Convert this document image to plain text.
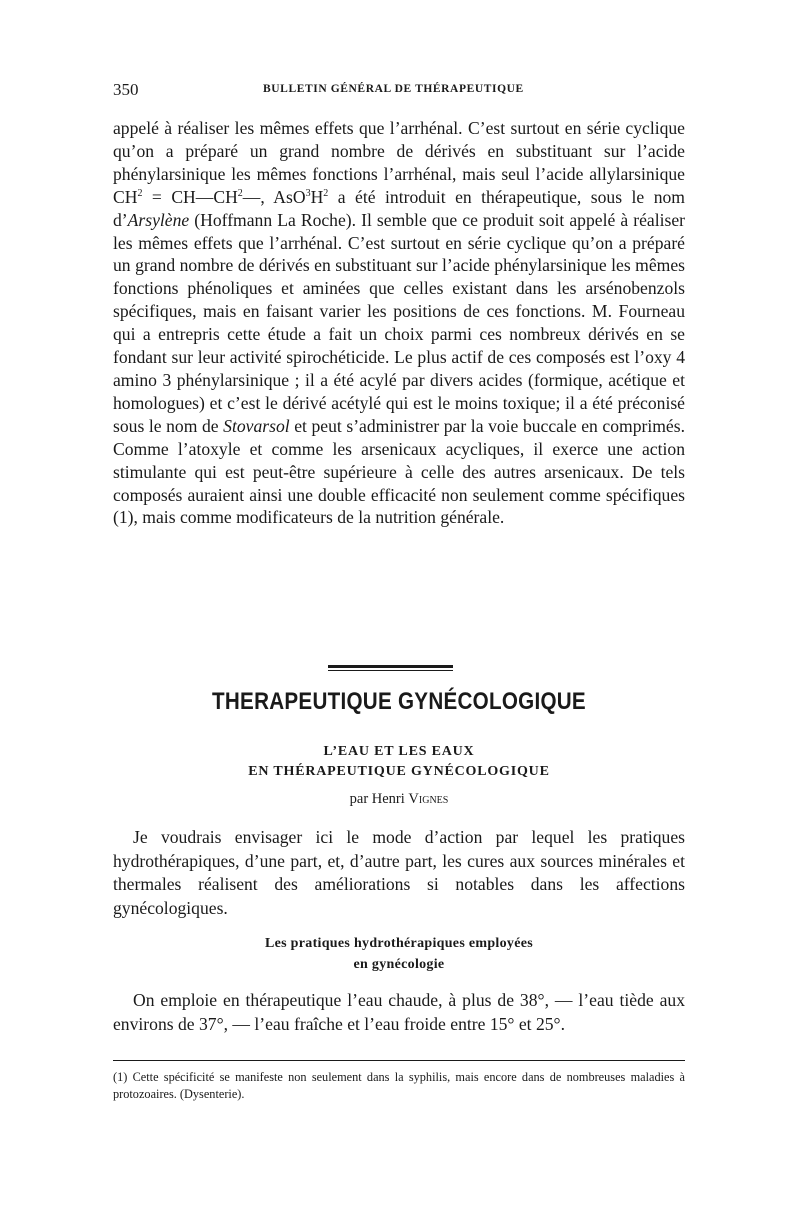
350	BULLETIN GÉNÉRAL DE THÉRAPEUTIQUE

appelé à réaliser les mêmes effets que l’arrhénal. C’est surtout en série cyclique qu’on a préparé un grand nombre de dérivés en substituant sur l’acide phénylarsinique les mêmes fonctions l’arrhénal, mais seul l’acide allylarsinique $CH^2$ = $CH—CH^2—$, $AsO^3H^2$ a été introduit en thérapeutique, sous le nom d’Arsylène (Hoffmann La Roche). Il semble que ce produit soit appelé à réaliser les mêmes effets que l’arrhénal. C’est surtout en série cyclique qu’on a préparé un grand nombre de dérivés en substituant sur l’acide phénylarsinique les mêmes fonctions phénoliques et aminées que celles existant dans les arsénobenzols spécifiques, mais en faisant varier les positions de ces fonctions. M. Fourneau qui a entrepris cette étude a fait un choix parmi ces nombreux dérivés en se fondant sur leur activité spirochéticide. Le plus actif de ces composés est l’oxy 4 amino 3 phénylarsinique ; il a été acylé par divers acides (formique, acétique et homologues) et c’est le dérivé acétylé qui est le moins toxique; il a été préconisé sous le nom de Stovarsol et peut s’administrer par la voie buccale en comprimés. Comme l’atoxyle et comme les arsenicaux acycliques, il exerce une action stimulante qui est peut-être supérieure à celle des autres arsenicaux. De tels composés auraient ainsi une double efficacité non seulement comme spécifiques (1), mais comme modificateurs de la nutrition générale.

THERAPEUTIQUE GYNÉCOLOGIQUE
L’EAU ET LES EAUX
EN THÉRAPEUTIQUE GYNÉCOLOGIQUE
par Henri Vignes

Je voudrais envisager ici le mode d’action par lequel les pratiques hydrothérapiques, d’une part, et, d’autre part, les cures aux sources minérales et thermales réalisent des améliorations si notables dans les affections gynécologiques.

Les pratiques hydrothérapiques employées
en gynécologie

On emploie en thérapeutique l’eau chaude, à plus de 38°, — l’eau tiède aux environs de 37°, — l’eau fraîche et l’eau froide entre 15° et 25°.

(1) Cette spécificité se manifeste non seulement dans la syphilis, mais encore dans de nombreuses maladies à protozoaires. (Dysenterie).
